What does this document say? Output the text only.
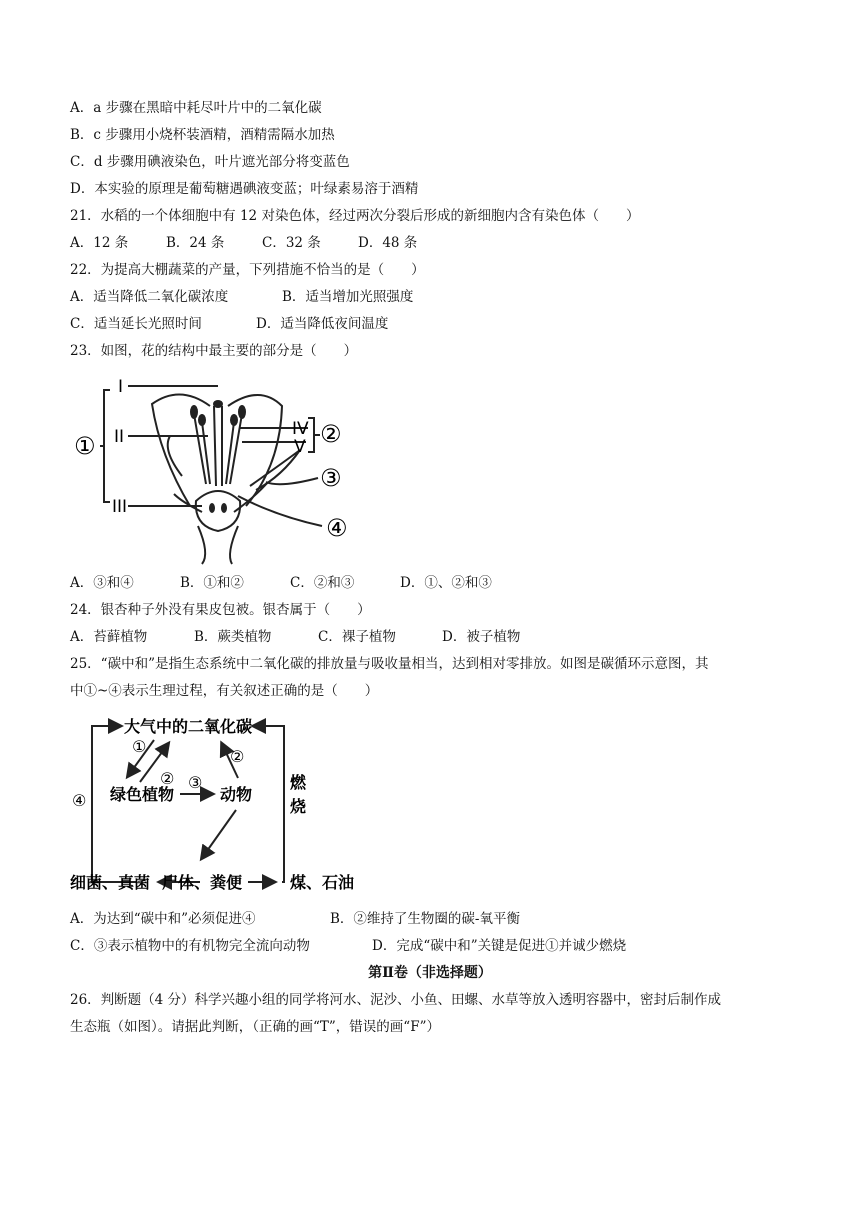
A．a 步骤在黑暗中耗尽叶片中的二氧化碳
B．c 步骤用小烧杯装酒精，酒精需隔水加热
C．d 步骤用碘液染色，叶片遮光部分将变蓝色
D．本实验的原理是葡萄糖遇碘液变蓝；叶绿素易溶于酒精
21．水稻的一个体细胞中有 12 对染色体，经过两次分裂后形成的新细胞内含有染色体（　　）
A．12 条	B．24 条	C．32 条	D．48 条
22．为提高大棚蔬菜的产量，下列措施不恰当的是（　　）
A．适当降低二氧化碳浓度	B．适当增加光照强度
C．适当延长光照时间	D．适当降低夜间温度
23．如图，花的结构中最主要的部分是（　　）
I
II
III
IV
V
①	②
③
④
A．③和④	B．①和②	C．②和③	D．①、②和③
24．银杏种子外没有果皮包被。银杏属于（　　）
A．苔藓植物	B．蕨类植物	C．裸子植物	D．被子植物
25．“碳中和”是指生态系统中二氧化碳的排放量与吸收量相当，达到相对零排放。如图是碳循环示意图，其
中①~④表示生理过程，有关叙述正确的是（　　）
大气中的二氧化碳
绿色植物	动物
细菌、真菌 尸体、粪便	煤、石油
燃
烧
①
② ③
②
④
A．为达到“碳中和”必须促进④	B．②维持了生物圈的碳-氧平衡
C．③表示植物中的有机物完全流向动物	D．完成“碳中和”关键是促进①并诚少燃烧
第Ⅱ卷（非选择题）
26．判断题（4 分）科学兴趣小组的同学将河水、泥沙、小鱼、田螺、水草等放入透明容器中，密封后制作成
生态瓶（如图）。请据此判断，（正确的画“T”，错误的画“F”）
